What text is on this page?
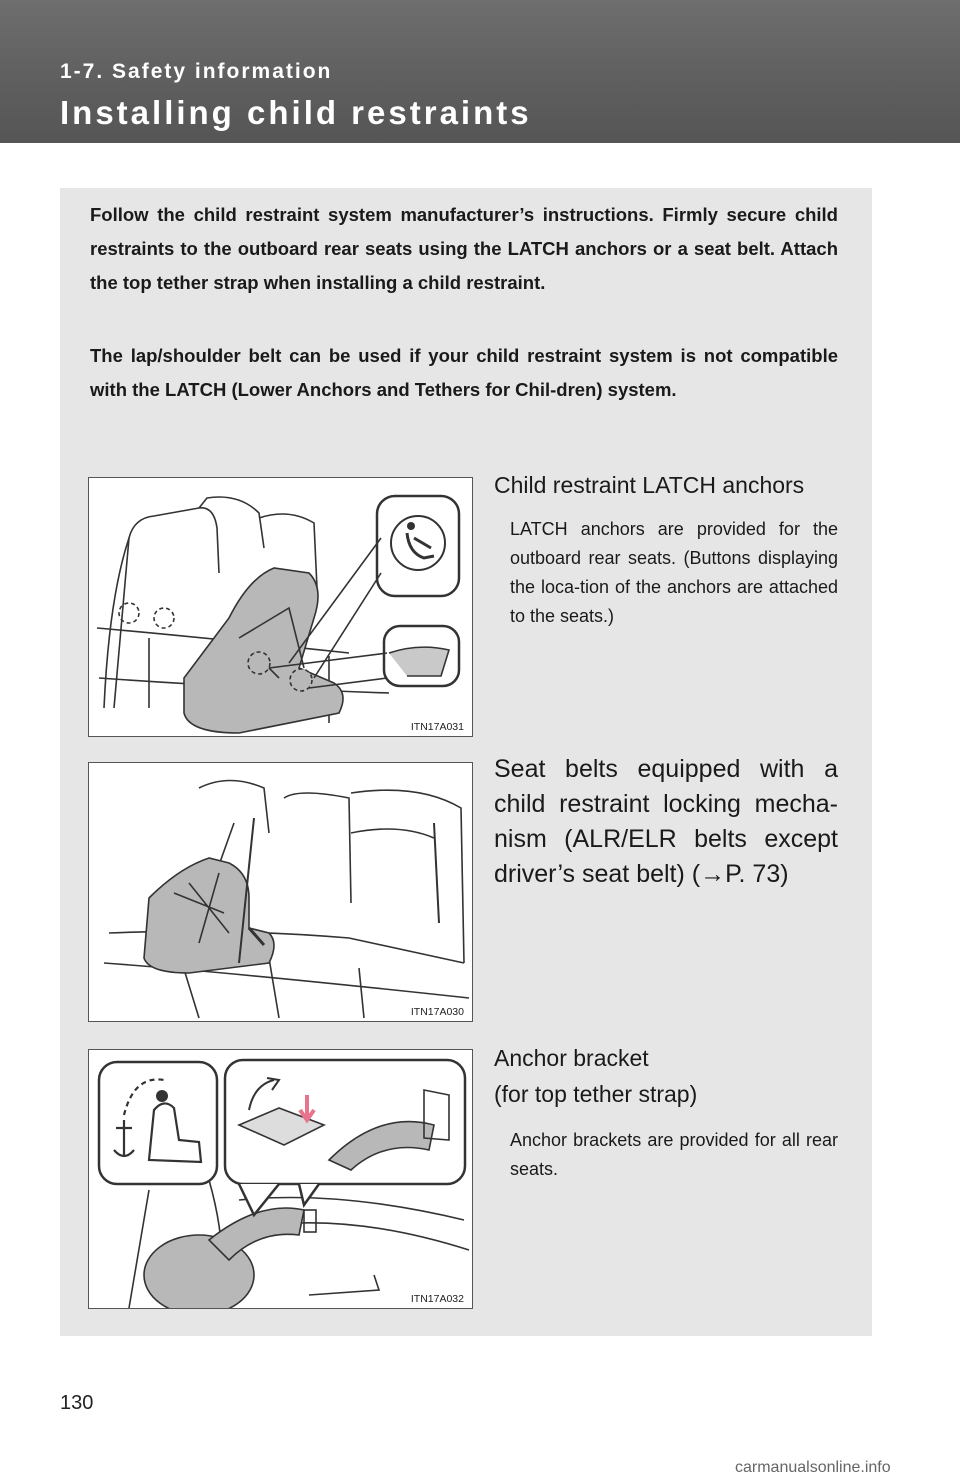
1-7. Safety information

Installing child restraints

Follow the child restraint system manufacturer’s instructions. Firmly secure child restraints to the outboard rear seats using the LATCH anchors or a seat belt. Attach the top tether strap when installing a child restraint.

The lap/shoulder belt can be used if your child restraint system is not compatible with the LATCH (Lower Anchors and Tethers for Chil-dren) system.

ITN17A031

Child restraint LATCH anchors

LATCH anchors are provided for the outboard rear seats. (Buttons displaying the loca-tion of the anchors are attached to the seats.)

ITN17A030

Seat belts equipped with a child restraint locking mecha-nism (ALR/ELR belts except driver’s seat belt) (→P. 73)

ITN17A032

Anchor bracket
(for top tether strap)

Anchor brackets are provided for all rear seats.

130
carmanualsonline.info
